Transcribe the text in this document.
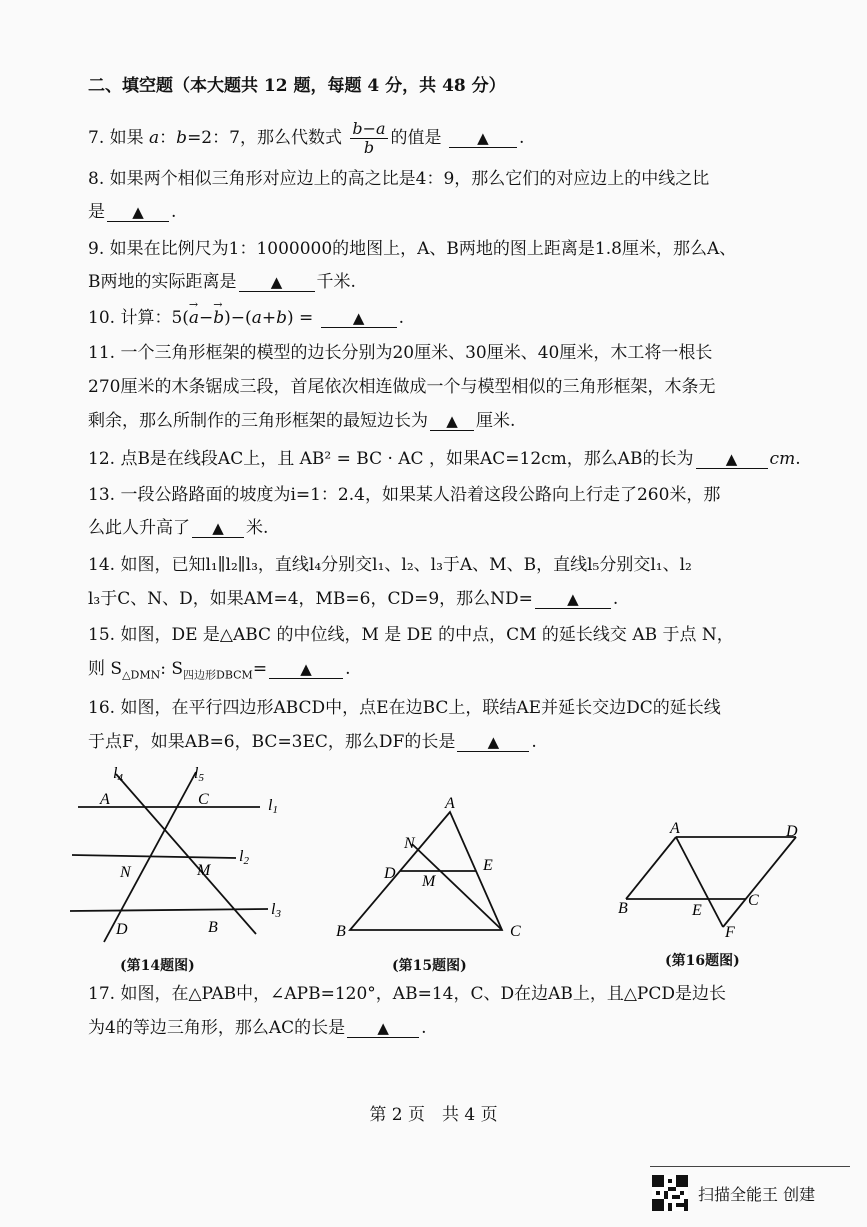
二、填空题（本大题共 12 题，每题 4 分，共 48 分）
7. 如果 a：b=2：7，那么代数式 $\frac{b-a}{b}$ 的值是 ▲ .
8. 如果两个相似三角形对应边上的高之比是4：9，那么它们的对应边上的中线之比
是 ▲ .
9. 如果在比例尺为1：1000000的地图上，A、B两地的图上距离是1.8厘米，那么A、
B两地的实际距离是 ▲ 千米.
10. 计算：5(→ a−→ b)−(a+b) =	▲ .
11. 一个三角形框架的模型的边长分别为20厘米、30厘米、40厘米，木工将一根长
270厘米的木条锯成三段，首尾依次相连做成一个与模型相似的三角形框架，木条无
剩余，那么所制作的三角形框架的最短边长为 ▲ 厘米.
12. 点B是在线段AC上，且 AB² = BC · AC ，如果AC=12cm，那么AB的长为 ▲ cm.
13. 一段公路路面的坡度为i=1：2.4，如果某人沿着这段公路向上行走了260米，那
么此人升高了 ▲ 米.
14. 如图，已知l₁∥l₂∥l₃，直线l₄分别交l₁、l₂、l₃于A、M、B，直线l₅分别交l₁、l₂
l₃于C、N、D，如果AM=4，MB=6，CD=9，那么ND= ▲ .
15. 如图，DE 是△ABC 的中位线，M 是 DE 的中点，CM 的延长线交 AB 于点 N，
则 $S_{\triangle DMN}$: $S_{四边形DBCM}=$ ▲ .
16. 如图，在平行四边形ABCD中，点E在边BC上，联结AE并延长交边DC的延长线
于点F，如果AB=6，BC=3EC，那么DF的长是 ▲ .
l4	l5
l1
l2
l3
A	C
N	M
D	B
(第14题图)
A
N
E
D M
B	C
(第15题图)
A	D
B	E
C
F
(第16题图)
17. 如图，在△PAB中，∠APB=120°，AB=14，C、D在边AB上，且△PCD是边长
为4的等边三角形，那么AC的长是 ▲ .
第 2 页　共 4 页
扫描全能王 创建
